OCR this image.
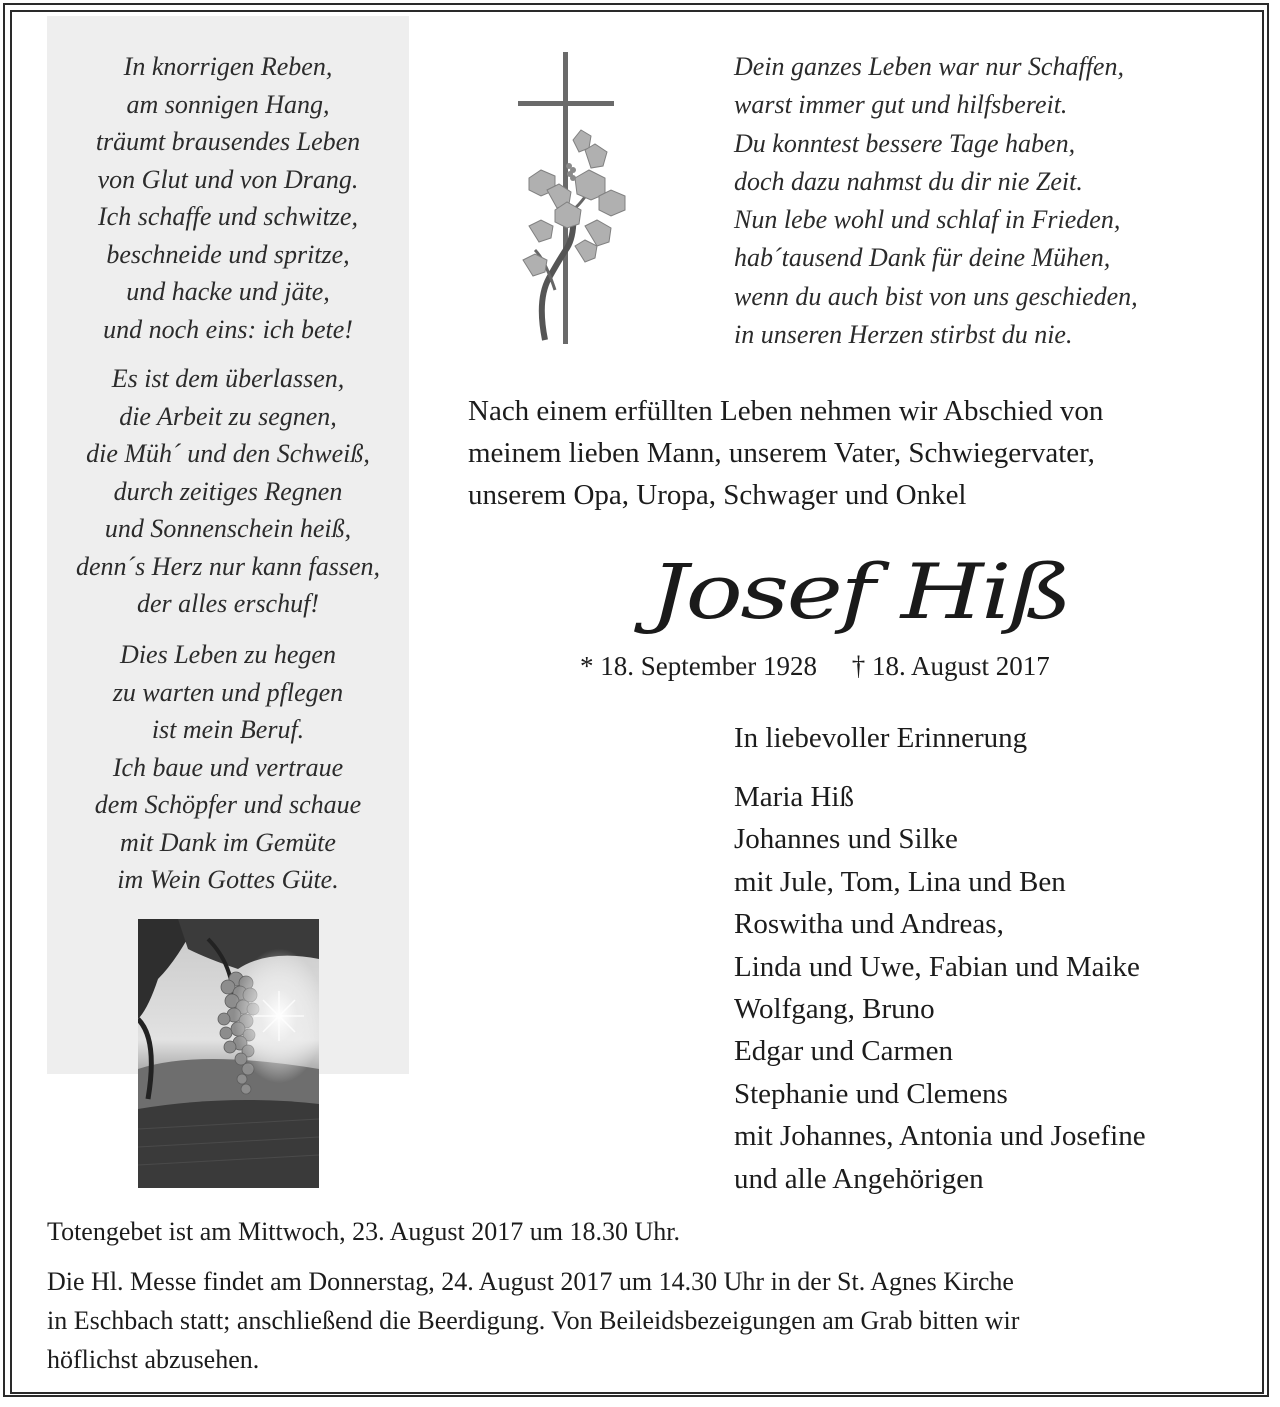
In knorrigen Reben,
am sonnigen Hang,
träumt brausendes Leben
von Glut und von Drang.
Ich schaffe und schwitze,
beschneide und spritze,
und hacke und jäte,
und noch eins: ich bete!
Es ist dem überlassen,
die Arbeit zu segnen,
die Müh´ und den Schweiß,
durch zeitiges Regnen
und Sonnenschein heiß,
denn´s Herz nur kann fassen,
der alles erschuf!
Dies Leben zu hegen
zu warten und pflegen
ist mein Beruf.
Ich baue und vertraue
dem Schöpfer und schaue
mit Dank im Gemüte
im Wein Gottes Güte.
Dein ganzes Leben war nur Schaffen,
warst immer gut und hilfsbereit.
Du konntest bessere Tage haben,
doch dazu nahmst du dir nie Zeit.
Nun lebe wohl und schlaf in Frieden,
hab´tausend Dank für deine Mühen,
wenn du auch bist von uns geschieden,
in unseren Herzen stirbst du nie.
Nach einem erfüllten Leben nehmen wir Abschied von
meinem lieben Mann, unserem Vater, Schwiegervater,
unserem Opa, Uropa, Schwager und Onkel
Josef Hiß
* 18. September 1928 † 18. August 2017
In liebevoller Erinnerung
Maria Hiß
Johannes und Silke
mit Jule, Tom, Lina und Ben
Roswitha und Andreas,
Linda und Uwe, Fabian und Maike
Wolfgang, Bruno
Edgar und Carmen
Stephanie und Clemens
mit Johannes, Antonia und Josefine
und alle Angehörigen
Totengebet ist am Mittwoch, 23. August 2017 um 18.30 Uhr.
Die Hl. Messe findet am Donnerstag, 24. August 2017 um 14.30 Uhr in der St. Agnes Kirche
in Eschbach statt; anschließend die Beerdigung. Von Beileidsbezeigungen am Grab bitten wir
höflichst abzusehen.
